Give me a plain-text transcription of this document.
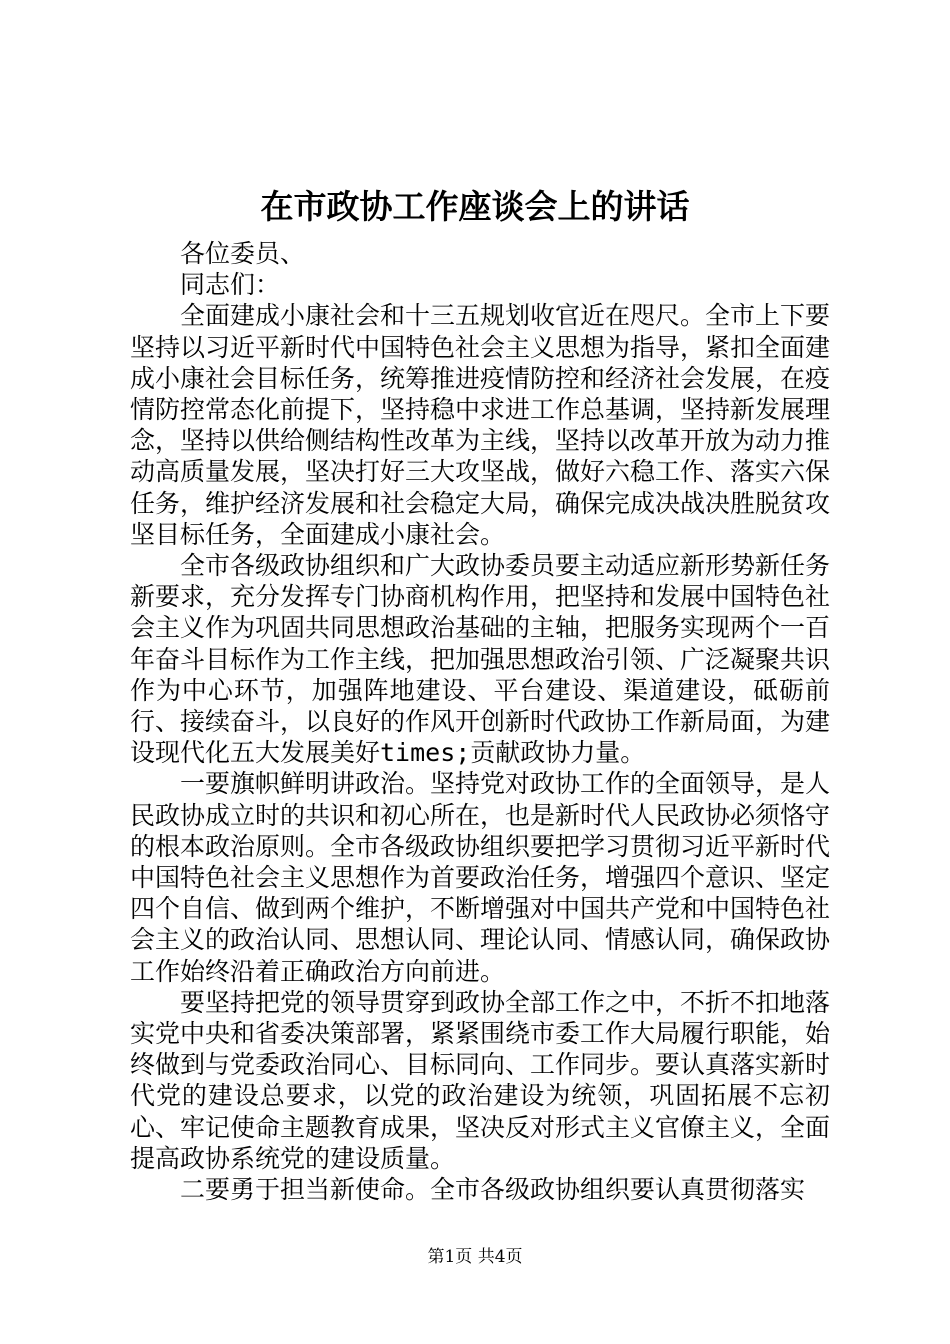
在市政协工作座谈会上的讲话

各位委员、

同志们：

全面建成小康社会和十三五规划收官近在咫尺。全市上下要坚持以习近平新时代中国特色社会主义思想为指导，紧扣全面建成小康社会目标任务，统筹推进疫情防控和经济社会发展，在疫情防控常态化前提下，坚持稳中求进工作总基调，坚持新发展理念，坚持以供给侧结构性改革为主线，坚持以改革开放为动力推动高质量发展，坚决打好三大攻坚战，做好六稳工作、落实六保任务，维护经济发展和社会稳定大局，确保完成决战决胜脱贫攻坚目标任务，全面建成小康社会。

全市各级政协组织和广大政协委员要主动适应新形势新任务新要求，充分发挥专门协商机构作用，把坚持和发展中国特色社会主义作为巩固共同思想政治基础的主轴，把服务实现两个一百年奋斗目标作为工作主线，把加强思想政治引领、广泛凝聚共识作为中心环节，加强阵地建设、平台建设、渠道建设，砥砺前行、接续奋斗，以良好的作风开创新时代政协工作新局面，为建设现代化五大发展美好times;贡献政协力量。

一要旗帜鲜明讲政治。坚持党对政协工作的全面领导，是人民政协成立时的共识和初心所在，也是新时代人民政协必须恪守的根本政治原则。全市各级政协组织要把学习贯彻习近平新时代中国特色社会主义思想作为首要政治任务，增强四个意识、坚定四个自信、做到两个维护，不断增强对中国共产党和中国特色社会主义的政治认同、思想认同、理论认同、情感认同，确保政协工作始终沿着正确政治方向前进。

要坚持把党的领导贯穿到政协全部工作之中，不折不扣地落实党中央和省委决策部署，紧紧围绕市委工作大局履行职能，始终做到与党委政治同心、目标同向、工作同步。要认真落实新时代党的建设总要求，以党的政治建设为统领，巩固拓展不忘初心、牢记使命主题教育成果，坚决反对形式主义官僚主义，全面提高政协系统党的建设质量。

二要勇于担当新使命。全市各级政协组织要认真贯彻落实

第1页 共4页
